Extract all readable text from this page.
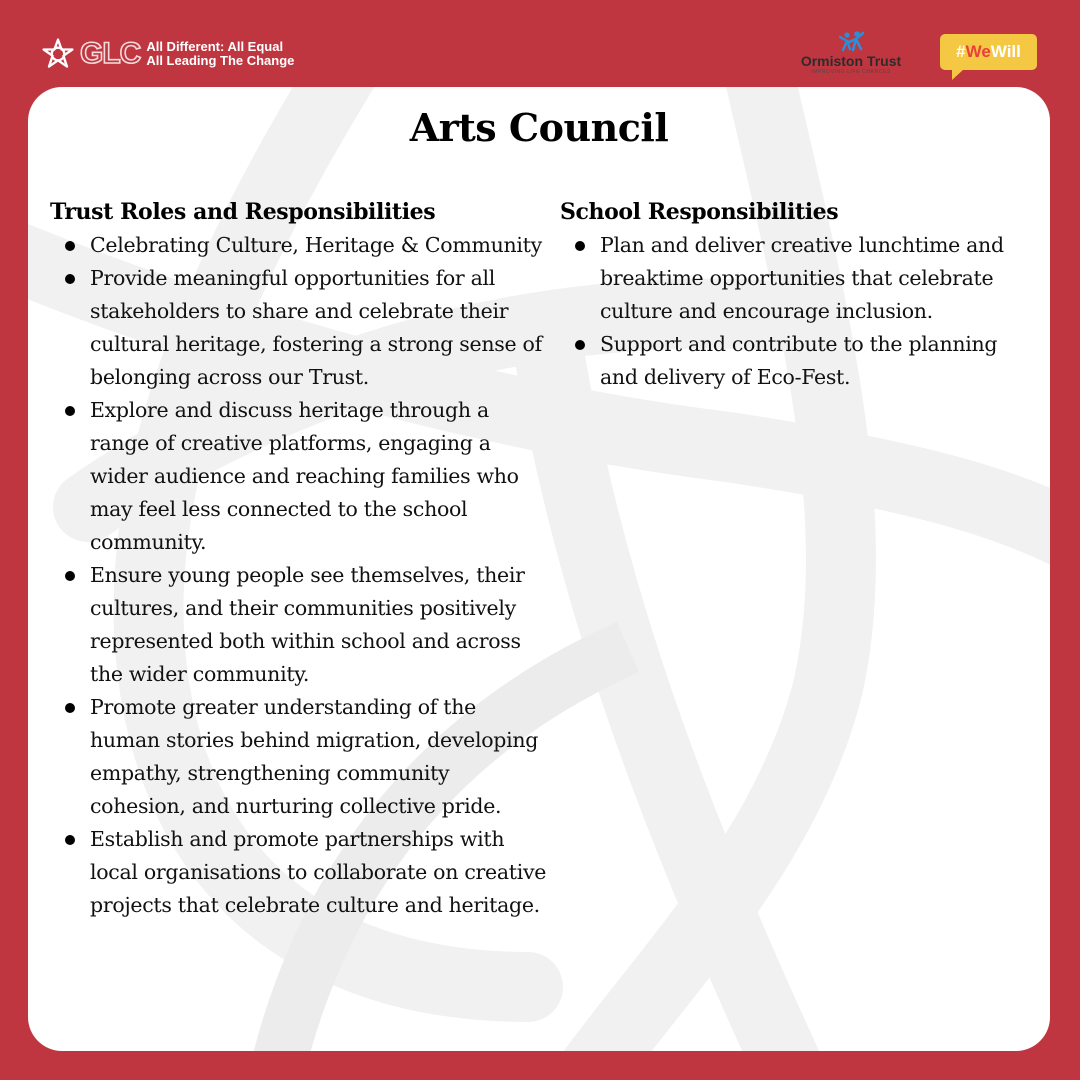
GLC All Different: All Equal
All Leading The Change	Ormiston Trust
IMPROVING LIFE CHANCES
# We Will
Arts Council
Trust Roles and Responsibilities
Celebrating Culture, Heritage & Community
Provide meaningful opportunities for all stakeholders to share and celebrate their cultural heritage, fostering a strong sense of belonging across our Trust.
Explore and discuss heritage through a range of creative platforms, engaging a wider audience and reaching families who may feel less connected to the school community.
Ensure young people see themselves, their cultures, and their communities positively represented both within school and across the wider community.
Promote greater understanding of the human stories behind migration, developing empathy, strengthening community cohesion, and nurturing collective pride.
Establish and promote partnerships with local organisations to collaborate on creative projects that celebrate culture and heritage.
School Responsibilities
Plan and deliver creative lunchtime and breaktime opportunities that celebrate culture and encourage inclusion.
Support and contribute to the planning and delivery of Eco-Fest.
